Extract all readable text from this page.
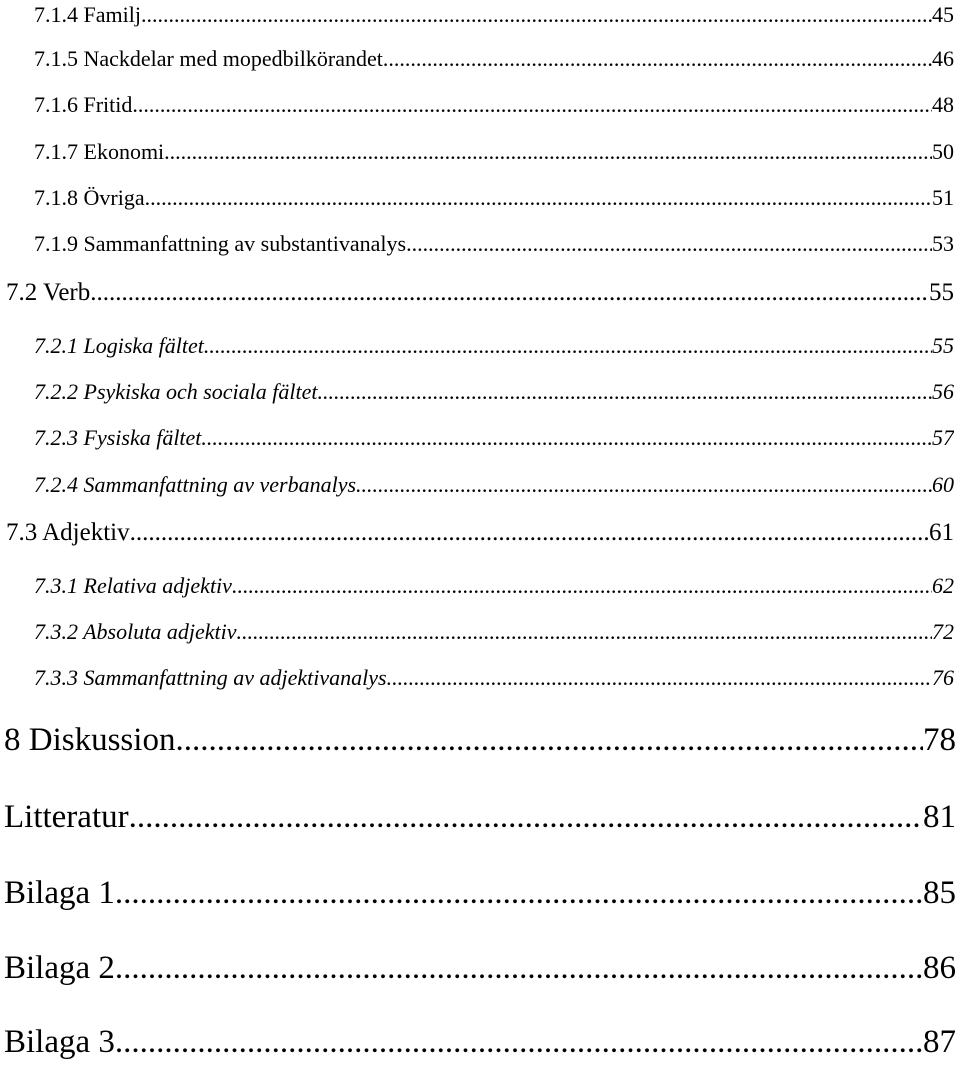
7.1.4 Familj .....	45
7.1.5 Nackdelar med mopedbilkörandet .....	46
7.1.6 Fritid .....	48
7.1.7 Ekonomi .....	50
7.1.8 Övriga .....	51
7.1.9 Sammanfattning av substantivanalys .....	53
7.2 Verb .....	55
7.2.1 Logiska fältet .....	55
7.2.2 Psykiska och sociala fältet .....	56
7.2.3 Fysiska fältet .....	57
7.2.4 Sammanfattning av verbanalys .....	60
7.3 Adjektiv .....	61
7.3.1 Relativa adjektiv .....	62
7.3.2 Absoluta adjektiv .....	72
7.3.3 Sammanfattning av adjektivanalys .....	76
8 Diskussion .....	78
Litteratur .....	81
Bilaga 1 .....	85
Bilaga 2 .....	86
Bilaga 3 .....	87
